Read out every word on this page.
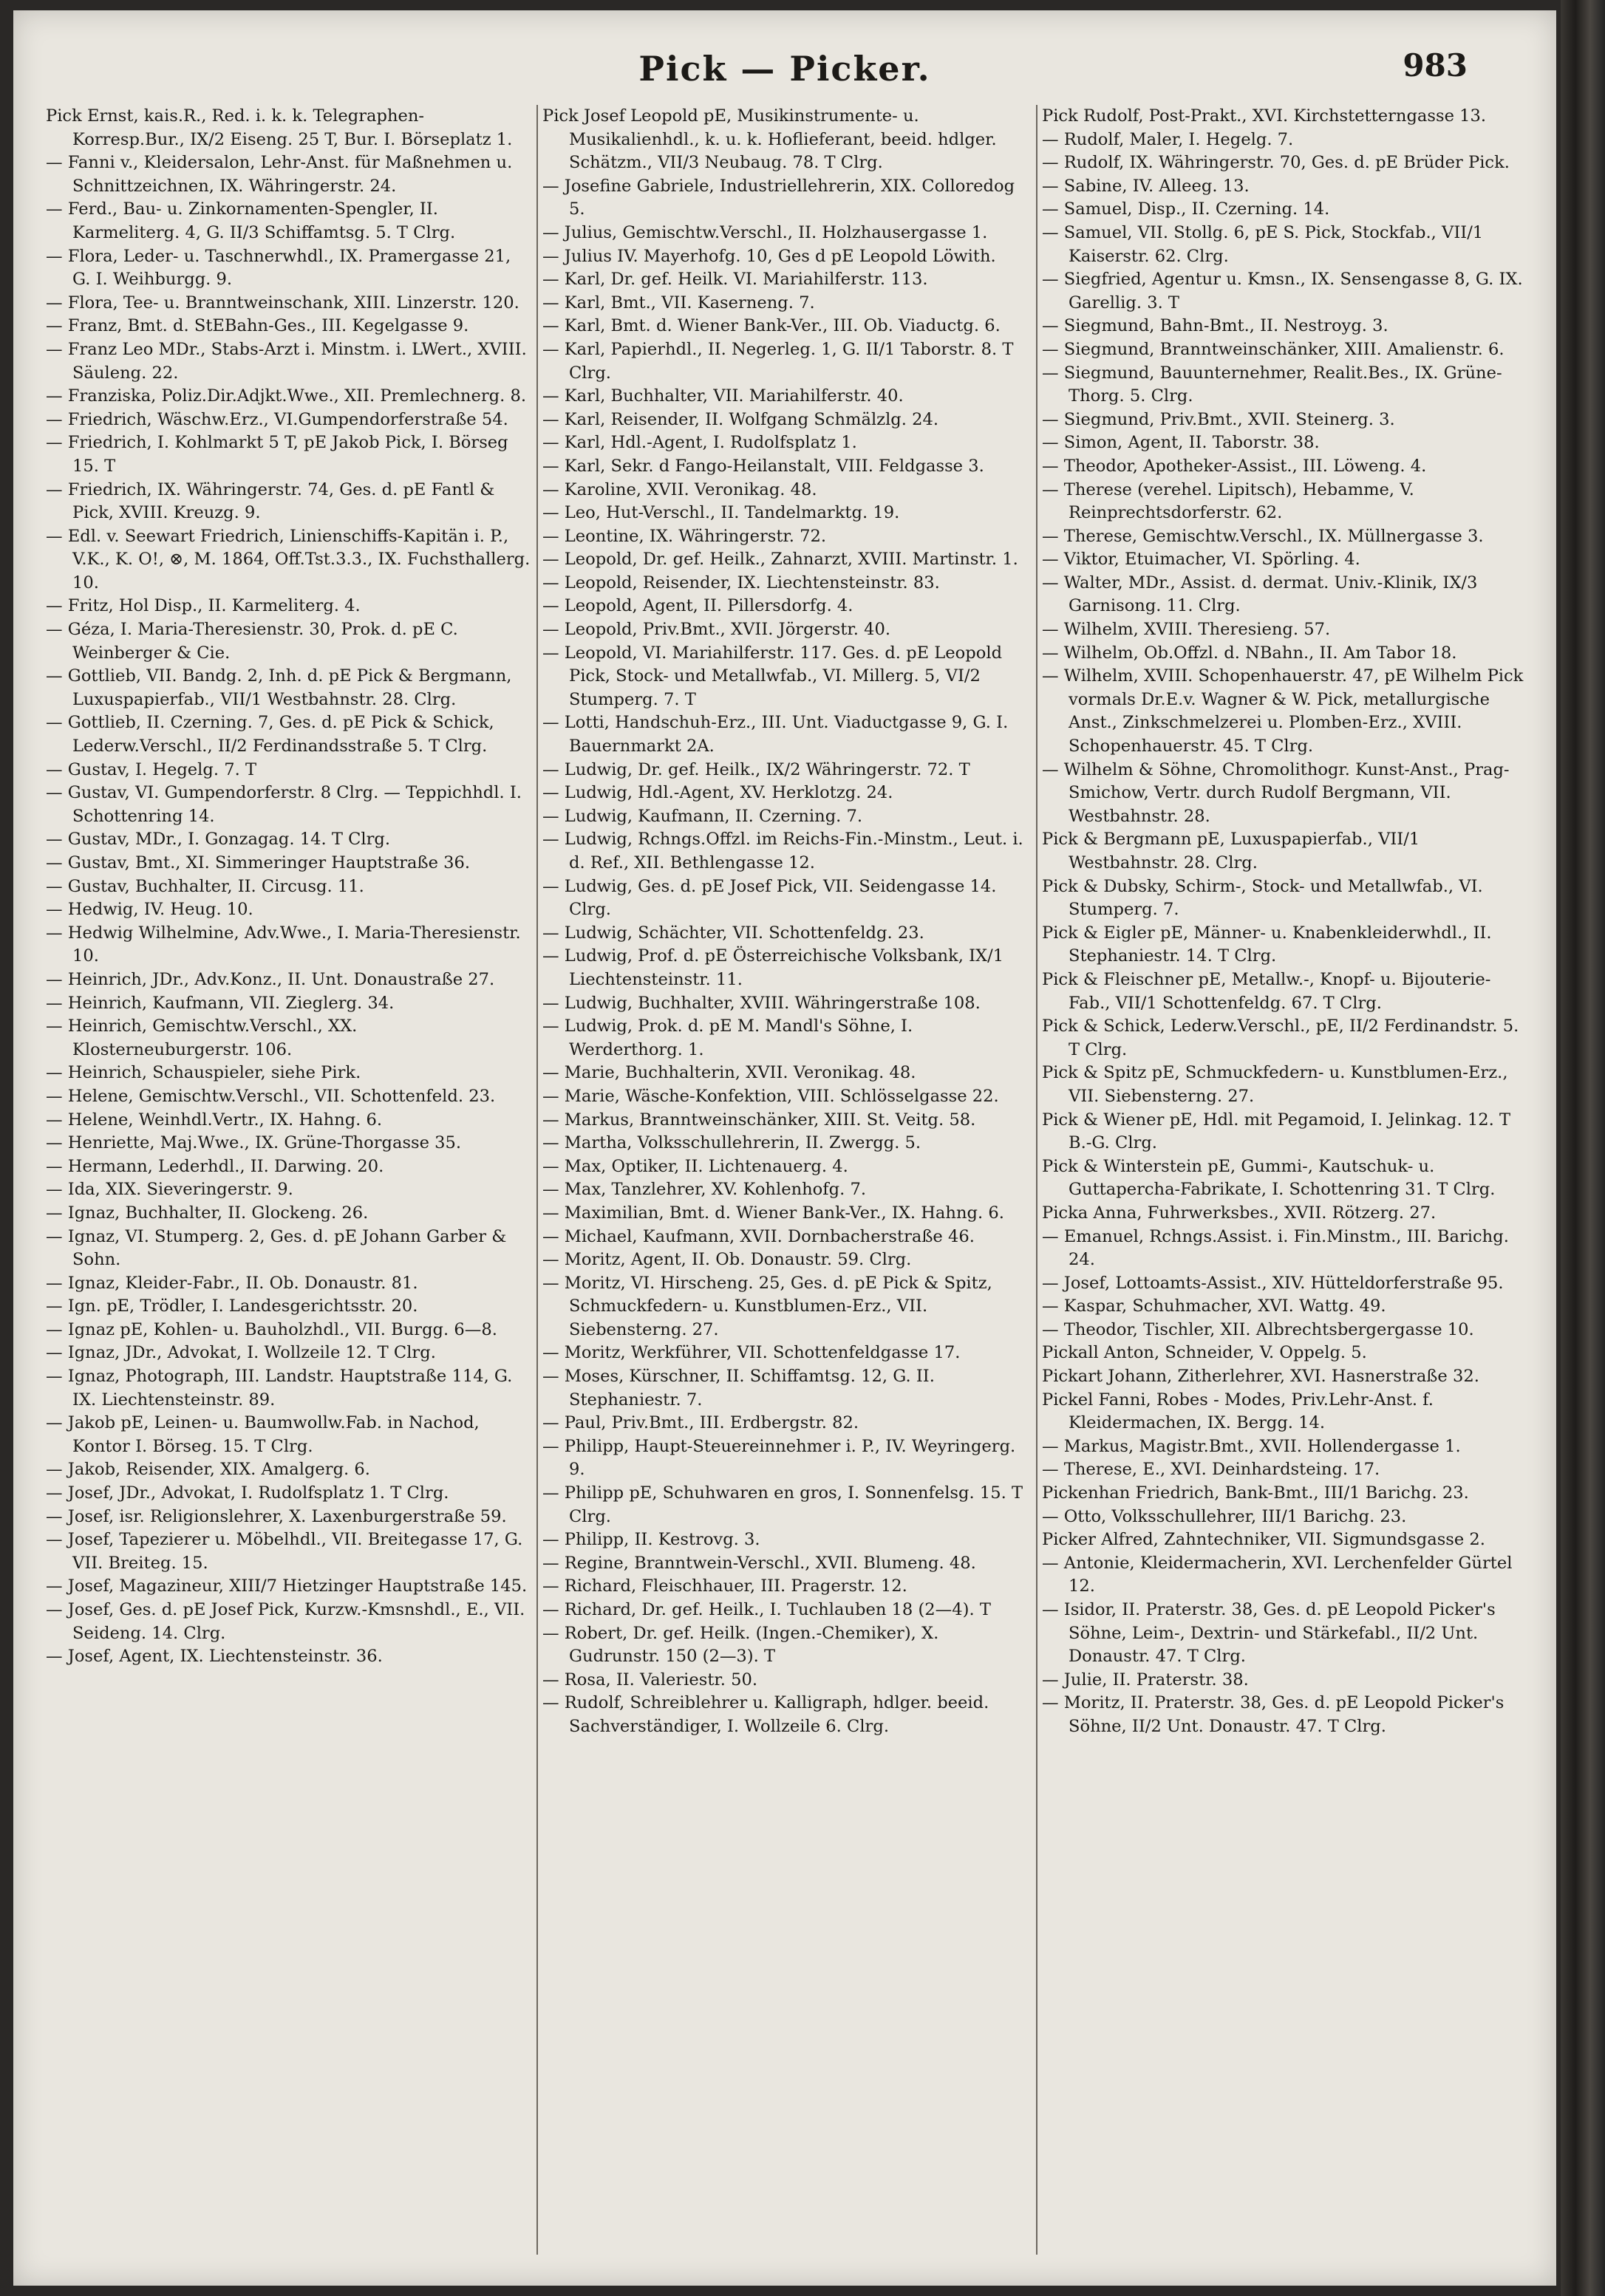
Pick — Picker.	983

Pick Ernst, kais.R., Red. i. k. k. Telegraphen-Korresp.Bur., IX/2 Eiseng. 25 T, Bur. I. Börseplatz 1.

— Fanni v., Kleidersalon, Lehr-Anst. für Maßnehmen u. Schnittzeichnen, IX. Währingerstr. 24.

— Ferd., Bau- u. Zinkornamenten-Spengler, II. Karmeliterg. 4, G. II/3 Schiffamtsg. 5. T Clrg.

— Flora, Leder- u. Taschnerwhdl., IX. Pramergasse 21, G. I. Weihburgg. 9.

— Flora, Tee- u. Branntweinschank, XIII. Linzerstr. 120.

— Franz, Bmt. d. StEBahn-Ges., III. Kegelgasse 9.

— Franz Leo MDr., Stabs-Arzt i. Minstm. i. LWert., XVIII. Säuleng. 22.

— Franziska, Poliz.Dir.Adjkt.Wwe., XII. Premlechnerg. 8.

— Friedrich, Wäschw.Erz., VI.Gumpendorferstraße 54.

— Friedrich, I. Kohlmarkt 5 T, pE Jakob Pick, I. Börseg 15. T

— Friedrich, IX. Währingerstr. 74, Ges. d. pE Fantl & Pick, XVIII. Kreuzg. 9.

— Edl. v. Seewart Friedrich, Linienschiffs-Kapitän i. P., V.K., K. O!, ⊗, M. 1864, Off.Tst.3.3., IX. Fuchsthallerg. 10.

— Fritz, Hol Disp., II. Karmeliterg. 4.

— Géza, I. Maria-Theresienstr. 30, Prok. d. pE C. Weinberger & Cie.

— Gottlieb, VII. Bandg. 2, Inh. d. pE Pick & Bergmann, Luxuspapierfab., VII/1 Westbahnstr. 28. Clrg.

— Gottlieb, II. Czerning. 7, Ges. d. pE Pick & Schick, Lederw.Verschl., II/2 Ferdinandsstraße 5. T Clrg.

— Gustav, I. Hegelg. 7. T

— Gustav, VI. Gumpendorferstr. 8 Clrg. — Teppichhdl. I. Schottenring 14.

— Gustav, MDr., I. Gonzagag. 14. T Clrg.

— Gustav, Bmt., XI. Simmeringer Hauptstraße 36.

— Gustav, Buchhalter, II. Circusg. 11.

— Hedwig, IV. Heug. 10.

— Hedwig Wilhelmine, Adv.Wwe., I. Maria-Theresienstr. 10.

— Heinrich, JDr., Adv.Konz., II. Unt. Donaustraße 27.

— Heinrich, Kaufmann, VII. Zieglerg. 34.

— Heinrich, Gemischtw.Verschl., XX. Klosterneuburgerstr. 106.

— Heinrich, Schauspieler, siehe Pirk.

— Helene, Gemischtw.Verschl., VII. Schottenfeld. 23.

— Helene, Weinhdl.Vertr., IX. Hahng. 6.

— Henriette, Maj.Wwe., IX. Grüne-Thorgasse 35.

— Hermann, Lederhdl., II. Darwing. 20.

— Ida, XIX. Sieveringerstr. 9.

— Ignaz, Buchhalter, II. Glockeng. 26.

— Ignaz, VI. Stumperg. 2, Ges. d. pE Johann Garber & Sohn.

— Ignaz, Kleider-Fabr., II. Ob. Donaustr. 81.

— Ign. pE, Trödler, I. Landesgerichtsstr. 20.

— Ignaz pE, Kohlen- u. Bauholzhdl., VII. Burgg. 6—8.

— Ignaz, JDr., Advokat, I. Wollzeile 12. T Clrg.

— Ignaz, Photograph, III. Landstr. Hauptstraße 114, G. IX. Liechtensteinstr. 89.

— Jakob pE, Leinen- u. Baumwollw.Fab. in Nachod, Kontor I. Börseg. 15. T Clrg.

— Jakob, Reisender, XIX. Amalgerg. 6.

— Josef, JDr., Advokat, I. Rudolfsplatz 1. T Clrg.

— Josef, isr. Religionslehrer, X. Laxenburgerstraße 59.

— Josef, Tapezierer u. Möbelhdl., VII. Breitegasse 17, G. VII. Breiteg. 15.

— Josef, Magazineur, XIII/7 Hietzinger Hauptstraße 145.

— Josef, Ges. d. pE Josef Pick, Kurzw.-Kmsnshdl., E., VII. Seideng. 14. Clrg.

— Josef, Agent, IX. Liechtensteinstr. 36.

Pick Josef Leopold pE, Musikinstrumente- u. Musikalienhdl., k. u. k. Hoflieferant, beeid. hdlger. Schätzm., VII/3 Neubaug. 78. T Clrg.

— Josefine Gabriele, Industriellehrerin, XIX. Colloredog 5.

— Julius, Gemischtw.Verschl., II. Holzhausergasse 1.

— Julius IV. Mayerhofg. 10, Ges d pE Leopold Löwith.

— Karl, Dr. gef. Heilk. VI. Mariahilferstr. 113.

— Karl, Bmt., VII. Kaserneng. 7.

— Karl, Bmt. d. Wiener Bank-Ver., III. Ob. Viaductg. 6.

— Karl, Papierhdl., II. Negerleg. 1, G. II/1 Taborstr. 8. T Clrg.

— Karl, Buchhalter, VII. Mariahilferstr. 40.

— Karl, Reisender, II. Wolfgang Schmälzlg. 24.

— Karl, Hdl.-Agent, I. Rudolfsplatz 1.

— Karl, Sekr. d Fango-Heilanstalt, VIII. Feldgasse 3.

— Karoline, XVII. Veronikag. 48.

— Leo, Hut-Verschl., II. Tandelmarktg. 19.

— Leontine, IX. Währingerstr. 72.

— Leopold, Dr. gef. Heilk., Zahnarzt, XVIII. Martinstr. 1.

— Leopold, Reisender, IX. Liechtensteinstr. 83.

— Leopold, Agent, II. Pillersdorfg. 4.

— Leopold, Priv.Bmt., XVII. Jörgerstr. 40.

— Leopold, VI. Mariahilferstr. 117. Ges. d. pE Leopold Pick, Stock- und Metallwfab., VI. Millerg. 5, VI/2 Stumperg. 7. T

— Lotti, Handschuh-Erz., III. Unt. Viaductgasse 9, G. I. Bauernmarkt 2A.

— Ludwig, Dr. gef. Heilk., IX/2 Währingerstr. 72. T

— Ludwig, Hdl.-Agent, XV. Herklotzg. 24.

— Ludwig, Kaufmann, II. Czerning. 7.

— Ludwig, Rchngs.Offzl. im Reichs-Fin.-Minstm., Leut. i. d. Ref., XII. Bethlengasse 12.

— Ludwig, Ges. d. pE Josef Pick, VII. Seidengasse 14. Clrg.

— Ludwig, Schächter, VII. Schottenfeldg. 23.

— Ludwig, Prof. d. pE Österreichische Volksbank, IX/1 Liechtensteinstr. 11.

— Ludwig, Buchhalter, XVIII. Währingerstraße 108.

— Ludwig, Prok. d. pE M. Mandl's Söhne, I. Werderthorg. 1.

— Marie, Buchhalterin, XVII. Veronikag. 48.

— Marie, Wäsche-Konfektion, VIII. Schlösselgasse 22.

— Markus, Branntweinschänker, XIII. St. Veitg. 58.

— Martha, Volksschullehrerin, II. Zwergg. 5.

— Max, Optiker, II. Lichtenauerg. 4.

— Max, Tanzlehrer, XV. Kohlenhofg. 7.

— Maximilian, Bmt. d. Wiener Bank-Ver., IX. Hahng. 6.

— Michael, Kaufmann, XVII. Dornbacherstraße 46.

— Moritz, Agent, II. Ob. Donaustr. 59. Clrg.

— Moritz, VI. Hirscheng. 25, Ges. d. pE Pick & Spitz, Schmuckfedern- u. Kunstblumen-Erz., VII. Siebensterng. 27.

— Moritz, Werkführer, VII. Schottenfeldgasse 17.

— Moses, Kürschner, II. Schiffamtsg. 12, G. II. Stephaniestr. 7.

— Paul, Priv.Bmt., III. Erdbergstr. 82.

— Philipp, Haupt-Steuereinnehmer i. P., IV. Weyringerg. 9.

— Philipp pE, Schuhwaren en gros, I. Sonnenfelsg. 15. T Clrg.

— Philipp, II. Kestrovg. 3.

— Regine, Branntwein-Verschl., XVII. Blumeng. 48.

— Richard, Fleischhauer, III. Pragerstr. 12.

— Richard, Dr. gef. Heilk., I. Tuchlauben 18 (2—4). T

— Robert, Dr. gef. Heilk. (Ingen.-Chemiker), X. Gudrunstr. 150 (2—3). T

— Rosa, II. Valeriestr. 50.

— Rudolf, Schreiblehrer u. Kalligraph, hdlger. beeid. Sachverständiger, I. Wollzeile 6. Clrg.

Pick Rudolf, Post-Prakt., XVI. Kirchstetterngasse 13.

— Rudolf, Maler, I. Hegelg. 7.

— Rudolf, IX. Währingerstr. 70, Ges. d. pE Brüder Pick.

— Sabine, IV. Alleeg. 13.

— Samuel, Disp., II. Czerning. 14.

— Samuel, VII. Stollg. 6, pE S. Pick, Stockfab., VII/1 Kaiserstr. 62. Clrg.

— Siegfried, Agentur u. Kmsn., IX. Sensengasse 8, G. IX. Garellig. 3. T

— Siegmund, Bahn-Bmt., II. Nestroyg. 3.

— Siegmund, Branntweinschänker, XIII. Amalienstr. 6.

— Siegmund, Bauunternehmer, Realit.Bes., IX. Grüne-Thorg. 5. Clrg.

— Siegmund, Priv.Bmt., XVII. Steinerg. 3.

— Simon, Agent, II. Taborstr. 38.

— Theodor, Apotheker-Assist., III. Löweng. 4.

— Therese (verehel. Lipitsch), Hebamme, V. Reinprechtsdorferstr. 62.

— Therese, Gemischtw.Verschl., IX. Müllnergasse 3.

— Viktor, Etuimacher, VI. Spörling. 4.

— Walter, MDr., Assist. d. dermat. Univ.-Klinik, IX/3 Garnisong. 11. Clrg.

— Wilhelm, XVIII. Theresieng. 57.

— Wilhelm, Ob.Offzl. d. NBahn., II. Am Tabor 18.

— Wilhelm, XVIII. Schopenhauerstr. 47, pE Wilhelm Pick vormals Dr.E.v. Wagner & W. Pick, metallurgische Anst., Zinkschmelzerei u. Plomben-Erz., XVIII. Schopenhauerstr. 45. T Clrg.

— Wilhelm & Söhne, Chromolithogr. Kunst-Anst., Prag-Smichow, Vertr. durch Rudolf Bergmann, VII. Westbahnstr. 28.

Pick & Bergmann pE, Luxuspapierfab., VII/1 Westbahnstr. 28. Clrg.

Pick & Dubsky, Schirm-, Stock- und Metallwfab., VI. Stumperg. 7.

Pick & Eigler pE, Männer- u. Knabenkleiderwhdl., II. Stephaniestr. 14. T Clrg.

Pick & Fleischner pE, Metallw.-, Knopf- u. Bijouterie-Fab., VII/1 Schottenfeldg. 67. T Clrg.

Pick & Schick, Lederw.Verschl., pE, II/2 Ferdinandstr. 5. T Clrg.

Pick & Spitz pE, Schmuckfedern- u. Kunstblumen-Erz., VII. Siebensterng. 27.

Pick & Wiener pE, Hdl. mit Pegamoid, I. Jelinkag. 12. T B.-G. Clrg.

Pick & Winterstein pE, Gummi-, Kautschuk- u. Guttapercha-Fabrikate, I. Schottenring 31. T Clrg.

Picka Anna, Fuhrwerksbes., XVII. Rötzerg. 27.

— Emanuel, Rchngs.Assist. i. Fin.Minstm., III. Barichg. 24.

— Josef, Lottoamts-Assist., XIV. Hütteldorferstraße 95.

— Kaspar, Schuhmacher, XVI. Wattg. 49.

— Theodor, Tischler, XII. Albrechtsbergergasse 10.

Pickall Anton, Schneider, V. Oppelg. 5.

Pickart Johann, Zitherlehrer, XVI. Hasnerstraße 32.

Pickel Fanni, Robes - Modes, Priv.Lehr-Anst. f. Kleidermachen, IX. Bergg. 14.

— Markus, Magistr.Bmt., XVII. Hollendergasse 1.

— Therese, E., XVI. Deinhardsteing. 17.

Pickenhan Friedrich, Bank-Bmt., III/1 Barichg. 23.

— Otto, Volksschullehrer, III/1 Barichg. 23.

Picker Alfred, Zahntechniker, VII. Sigmundsgasse 2.

— Antonie, Kleidermacherin, XVI. Lerchenfelder Gürtel 12.

— Isidor, II. Praterstr. 38, Ges. d. pE Leopold Picker's Söhne, Leim-, Dextrin- und Stärkefabl., II/2 Unt. Donaustr. 47. T Clrg.

— Julie, II. Praterstr. 38.

— Moritz, II. Praterstr. 38, Ges. d. pE Leopold Picker's Söhne, II/2 Unt. Donaustr. 47. T Clrg.
